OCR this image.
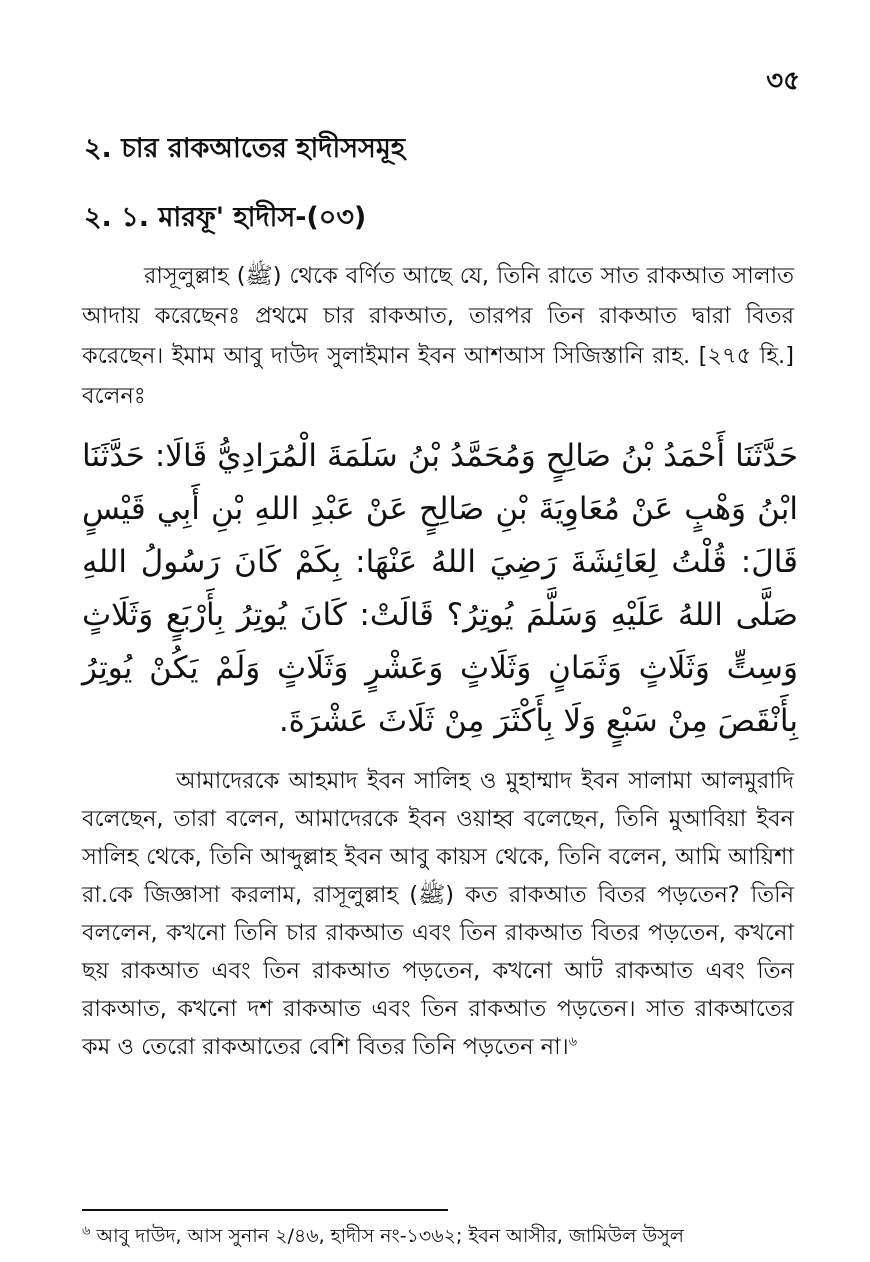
৩৫
২. চার রাকআতের হাদীসসমূহ
২. ১. মারফূ' হাদীস-(০৩)
রাসূলুল্লাহ (ﷺ) থেকে বর্ণিত আছে যে, তিনি রাতে সাত রাকআত সালাত আদায় করেছেনঃ প্রথমে চার রাকআত, তারপর তিন রাকআত দ্বারা বিতর করেছেন। ইমাম আবু দাউদ সুলাইমান ইবন আশআস সিজিস্তানি রাহ. [২৭৫ হি.] বলেনঃ
حَدَّثَنَا أَحْمَدُ بْنُ صَالِحٍ وَمُحَمَّدُ بْنُ سَلَمَةَ الْمُرَادِيُّ قَالَا: حَدَّثَنَا ابْنُ وَهْبٍ عَنْ مُعَاوِيَةَ بْنِ صَالِحٍ عَنْ عَبْدِ اللهِ بْنِ أَبِي قَيْسٍ قَالَ: قُلْتُ لِعَائِشَةَ رَضِيَ اللهُ عَنْهَا: بِكَمْ كَانَ رَسُولُ اللهِ صَلَّى اللهُ عَلَيْهِ وَسَلَّمَ يُوتِرُ؟ قَالَتْ: كَانَ يُوتِرُ بِأَرْبَعٍ وَثَلَاثٍ وَسِتٍّ وَثَلَاثٍ وَثَمَانٍ وَثَلَاثٍ وَعَشْرٍ وَثَلَاثٍ وَلَمْ يَكُنْ يُوتِرُ بِأَنْقَصَ مِنْ سَبْعٍ وَلَا بِأَكْثَرَ مِنْ ثَلَاثَ عَشْرَةَ.
আমাদেরকে আহমাদ ইবন সালিহ ও মুহাম্মাদ ইবন সালামা আলমুরাদি বলেছেন, তারা বলেন, আমাদেরকে ইবন ওয়াহ্ব বলেছেন, তিনি মুআবিয়া ইবন সালিহ থেকে, তিনি আব্দুল্লাহ ইবন আবু কায়স থেকে, তিনি বলেন, আমি আয়িশা রা.কে জিজ্ঞাসা করলাম, রাসূলুল্লাহ (ﷺ) কত রাকআত বিতর পড়তেন? তিনি বললেন, কখনো তিনি চার রাকআত এবং তিন রাকআত বিতর পড়তেন, কখনো ছয় রাকআত এবং তিন রাকআত পড়তেন, কখনো আট রাকআত এবং তিন রাকআত, কখনো দশ রাকআত এবং তিন রাকআত পড়তেন। সাত রাকআতের কম ও তেরো রাকআতের বেশি বিতর তিনি পড়তেন না।$^৬$
$^৬$ আবু দাউদ, আস সুনান ২/৪৬, হাদীস নং-১৩৬২; ইবন আসীর, জামিউল উসুল
